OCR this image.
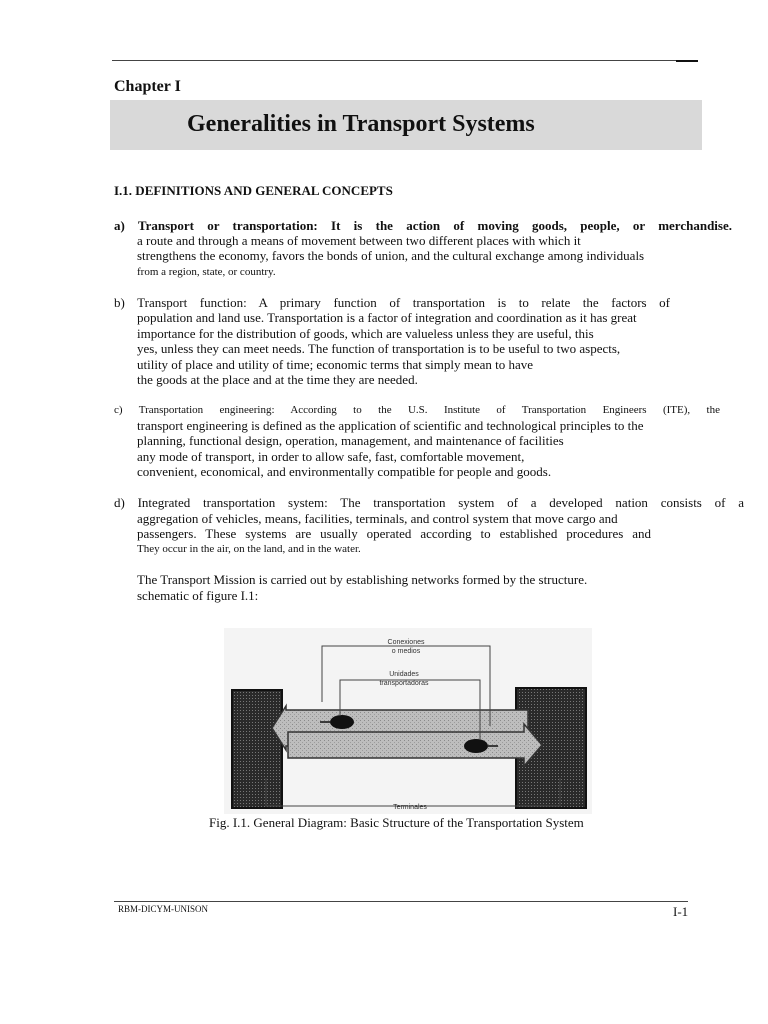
Chapter I
Generalities in Transport Systems
I.1. DEFINITIONS AND GENERAL CONCEPTS
a) Transport or transportation: It is the action of moving goods, people, or merchandise.
a route and through a means of movement between two different places with which it
strengthens the economy, favors the bonds of union, and the cultural exchange among individuals
from a region, state, or country.
b) Transport function: A primary function of transportation is to relate the factors of
population and land use. Transportation is a factor of integration and coordination as it has great
importance for the distribution of goods, which are valueless unless they are useful, this
yes, unless they can meet needs. The function of transportation is to be useful to two aspects,
utility of place and utility of time; economic terms that simply mean to have
the goods at the place and at the time they are needed.
c) Transportation engineering: According to the U.S. Institute of Transportation Engineers (ITE), the
transport engineering is defined as the application of scientific and technological principles to the
planning, functional design, operation, management, and maintenance of facilities
any mode of transport, in order to allow safe, fast, comfortable movement,
convenient, economical, and environmentally compatible for people and goods.
d) Integrated transportation system: The transportation system of a developed nation consists of a
aggregation of vehicles, means, facilities, terminals, and control system that move cargo and
passengers. These systems are usually operated according to established procedures and
They occur in the air, on the land, and in the water.
The Transport Mission is carried out by establishing networks formed by the structure.
schematic of figure I.1:
Conexiones
o medios
Unidades
transportadoras
Terminales
Fig. I.1. General Diagram: Basic Structure of the Transportation System
RBM-DICYM-UNISON	I-1
